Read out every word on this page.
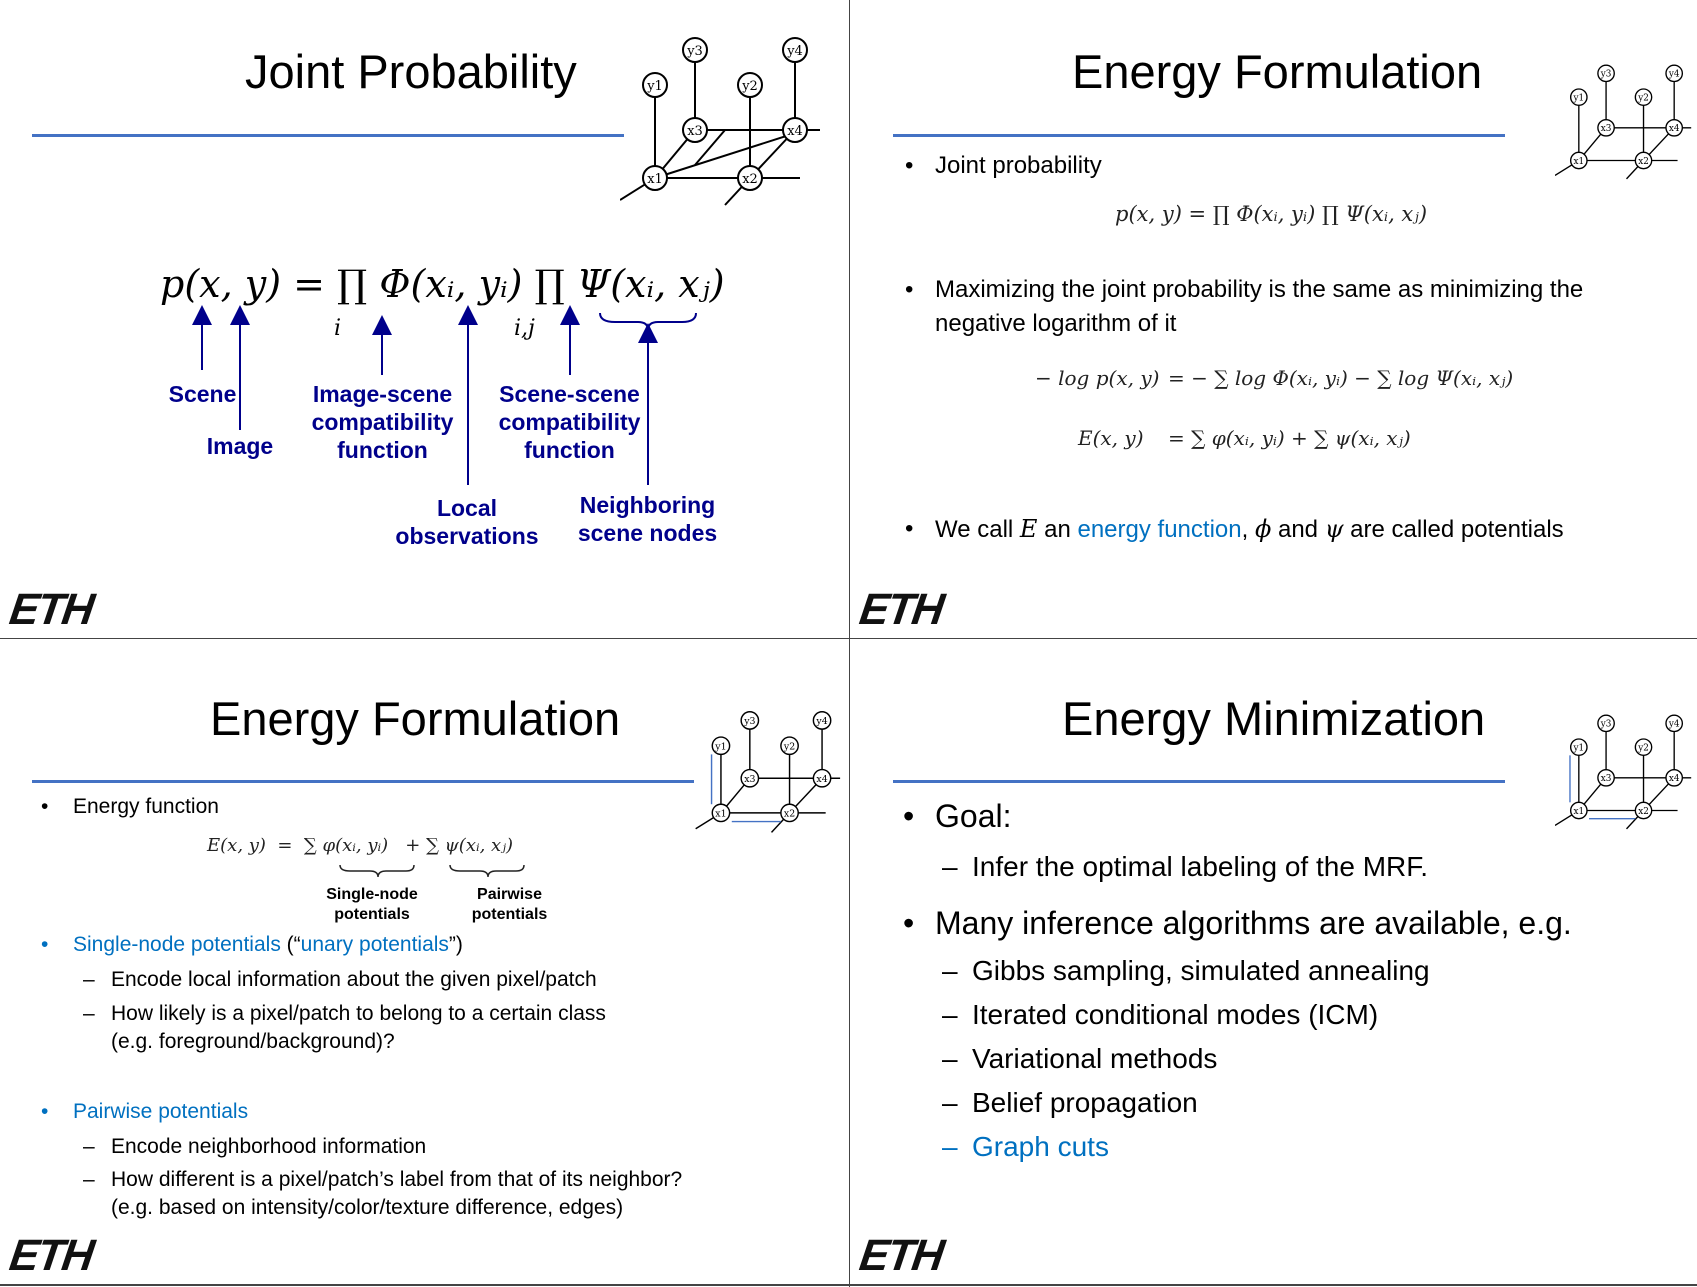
Joint Probability
x1	x2
x3	x4
y1	y2
y3	y4
p(x, y) = ∏ Φ(xᵢ, yᵢ) ∏ Ψ(xᵢ, xⱼ)
i	i,j
Scene
Image
Image-scene compatibility function
Scene-scene compatibility function
Local observations
Neighboring scene nodes
ETH
Energy Formulation
x1	x2
x3	x4
y1	y2
y3	y4
• Joint probability
p(x, y) = ∏ Φ(xᵢ, yᵢ) ∏ Ψ(xᵢ, xⱼ)
• Maximizing the joint probability is the same as minimizing the
negative logarithm of it
− log p(x, y) = − ∑ log Φ(xᵢ, yᵢ) − ∑ log Ψ(xᵢ, xⱼ)
E(x, y) = ∑ φ(xᵢ, yᵢ) + ∑ ψ(xᵢ, xⱼ)
• We call E an energy function, ϕ and ψ are called potentials
ETH
Energy Formulation
x1	x2
x3	x4
y1	y2
y3	y4
• Energy function
E(x, y)  =  ∑ φ(xᵢ, yᵢ)   + ∑ ψ(xᵢ, xⱼ)
Single-node potentials
Pairwise potentials
• Single-node potentials (“unary potentials”)
– Encode local information about the given pixel/patch
– How likely is a pixel/patch to belong to a certain class
(e.g. foreground/background)?
• Pairwise potentials
– Encode neighborhood information
– How different is a pixel/patch’s label from that of its neighbor?
(e.g. based on intensity/color/texture difference, edges)
ETH
Energy Minimization
x1	x2
x3	x4
y1	y2
y3	y4
• Goal:
– Infer the optimal labeling of the MRF.
• Many inference algorithms are available, e.g.
– Gibbs sampling, simulated annealing
– Iterated conditional modes (ICM)
– Variational methods
– Belief propagation
– Graph cuts
ETH
